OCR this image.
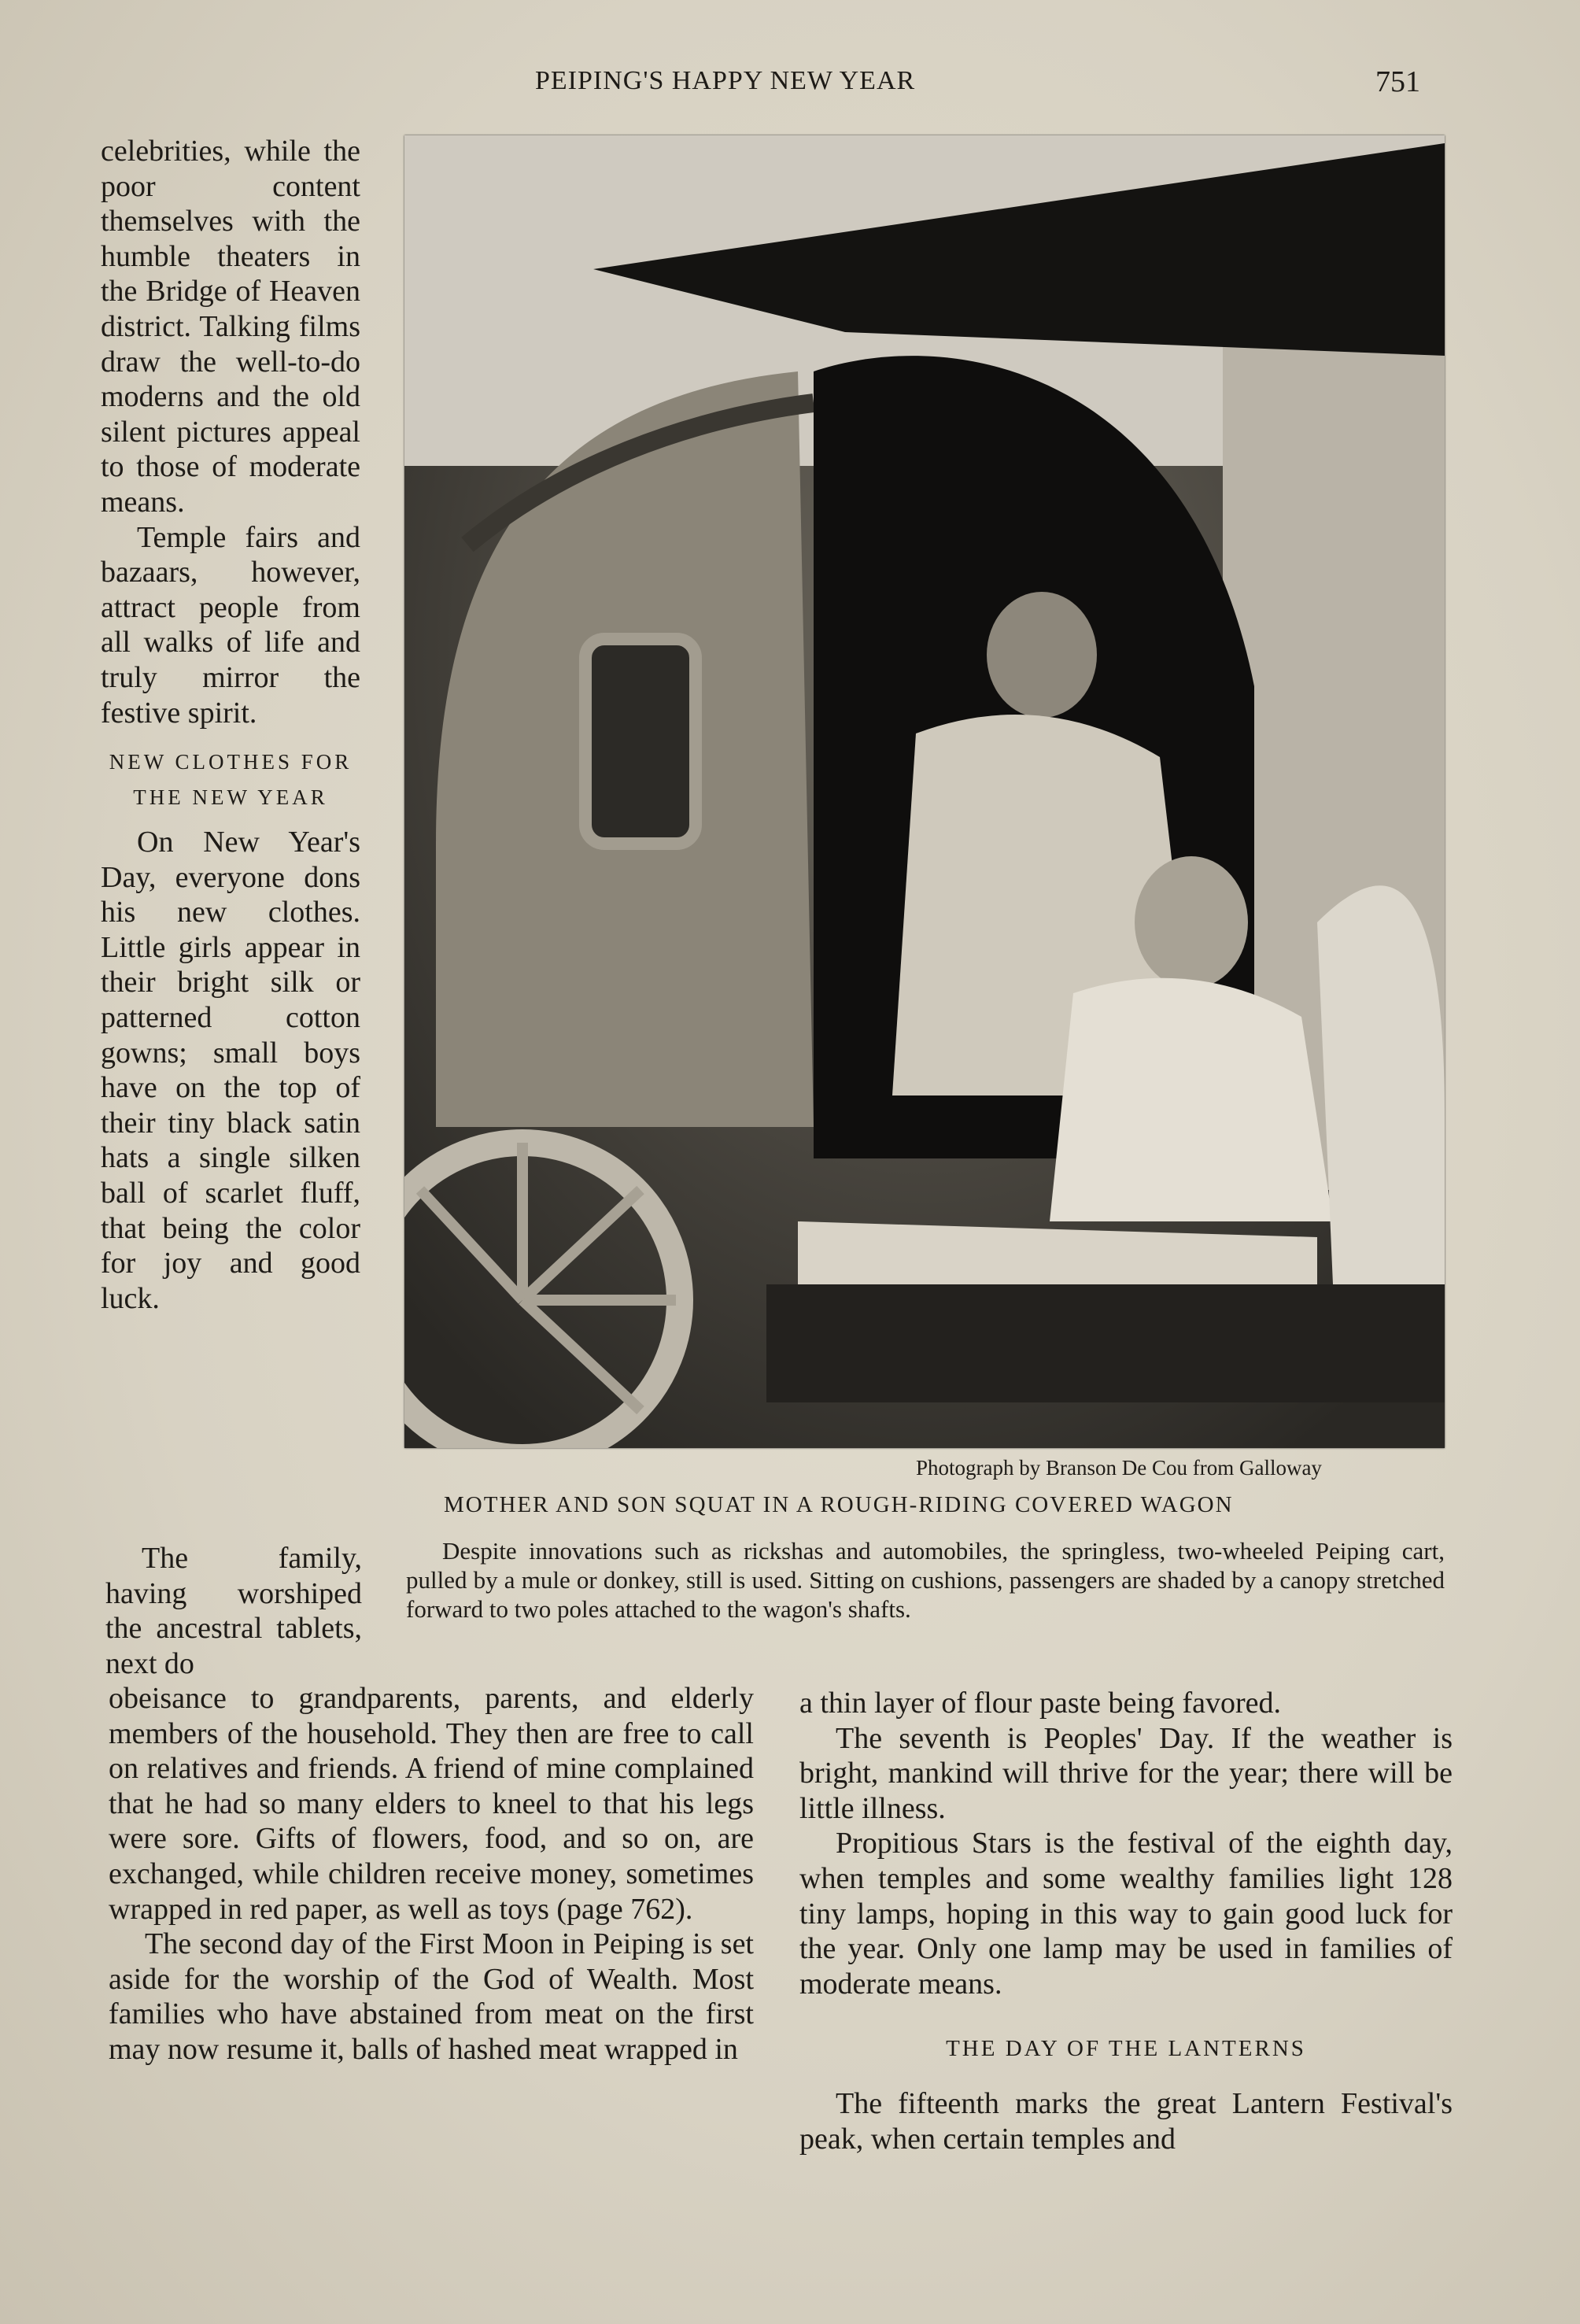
PEIPING'S HAPPY NEW YEAR	751

celebrities, while the poor content themselves with the humble theaters in the Bridge of Heaven district. Talking films draw the well-to-do moderns and the old silent pictures appeal to those of moderate means.

Temple fairs and bazaars, however, attract people from all walks of life and truly mirror the festive spirit.

NEW CLOTHES FOR THE NEW YEAR

On New Year's Day, everyone dons his new clothes. Little girls appear in their bright silk or patterned cotton gowns; small boys have on the top of their tiny black satin hats a single silken ball of scarlet fluff, that being the color for joy and good luck.

Photograph by Branson De Cou from Galloway
MOTHER AND SON SQUAT IN A ROUGH-RIDING COVERED WAGON

Despite innovations such as rickshas and automobiles, the springless, two-wheeled Peiping cart, pulled by a mule or donkey, still is used. Sitting on cushions, passengers are shaded by a canopy stretched forward to two poles attached to the wagon's shafts.

The family, having worshiped the ancestral tablets, next do

obeisance to grandparents, parents, and elderly members of the household. They then are free to call on relatives and friends. A friend of mine complained that he had so many elders to kneel to that his legs were sore. Gifts of flowers, food, and so on, are exchanged, while children receive money, sometimes wrapped in red paper, as well as toys (page 762).

The second day of the First Moon in Peiping is set aside for the worship of the God of Wealth. Most families who have abstained from meat on the first may now resume it, balls of hashed meat wrapped in

a thin layer of flour paste being favored.

The seventh is Peoples' Day. If the weather is bright, mankind will thrive for the year; there will be little illness.

Propitious Stars is the festival of the eighth day, when temples and some wealthy families light 128 tiny lamps, hoping in this way to gain good luck for the year. Only one lamp may be used in families of moderate means.

THE DAY OF THE LANTERNS

The fifteenth marks the great Lantern Festival's peak, when certain temples and
